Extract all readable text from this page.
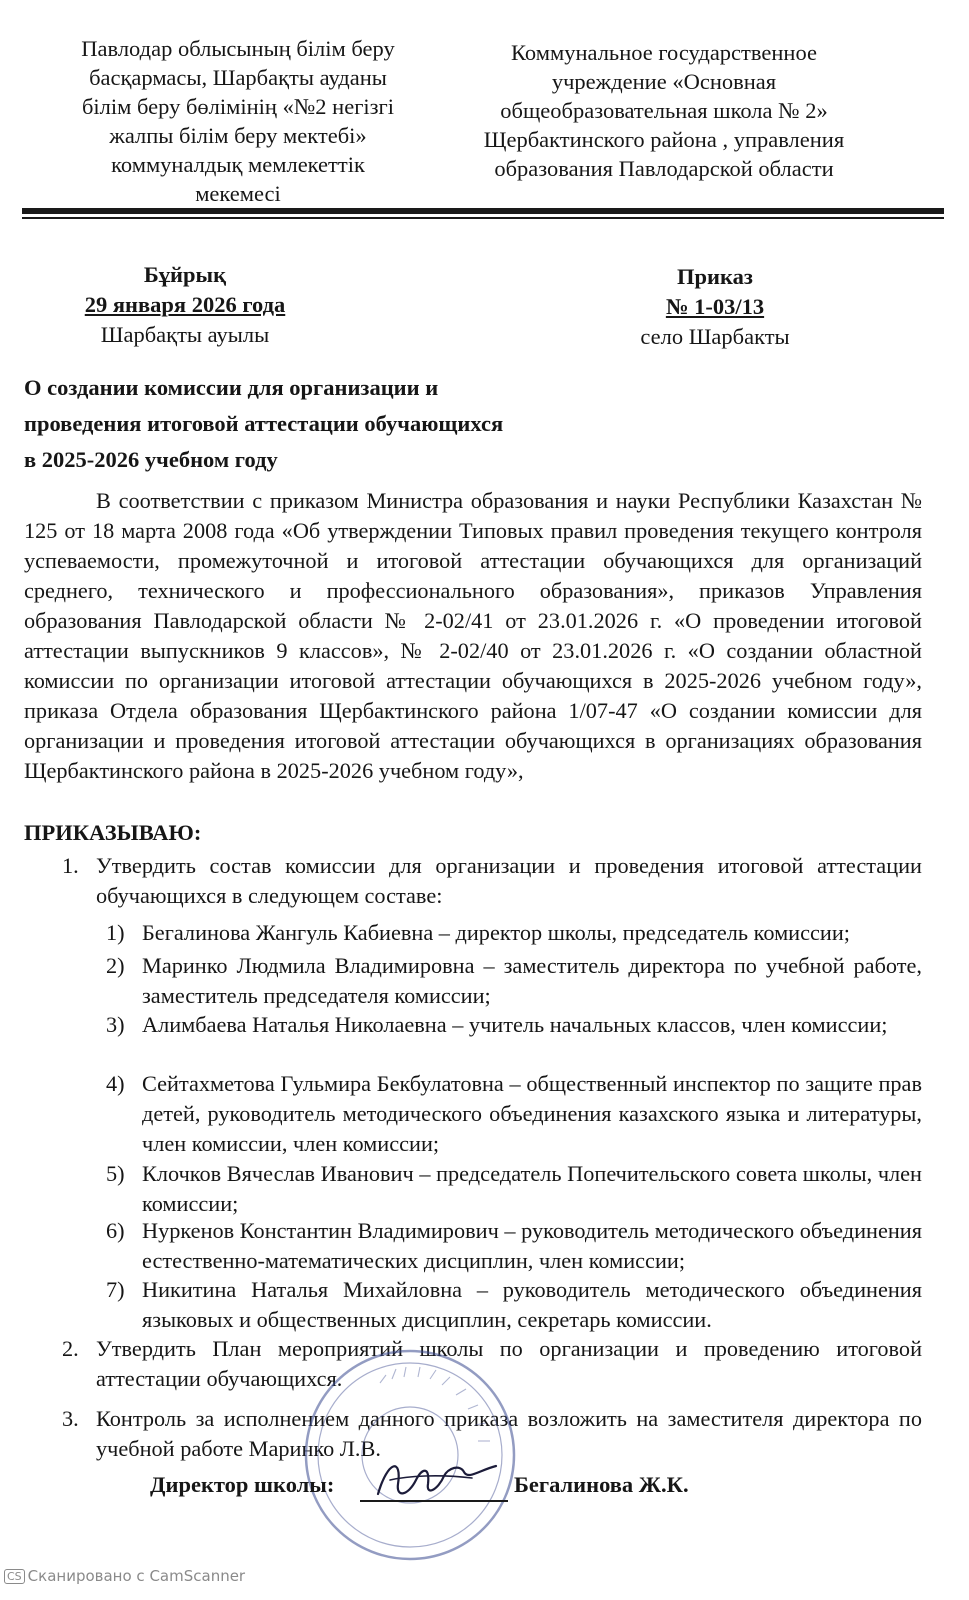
Павлодар облысының білім беру
басқармасы, Шарбақты ауданы
білім беру бөлімінің «№2 негізгі
жалпы білім беру мектебі»
коммуналдық мемлекеттік
мекемесі
Коммунальное государственное
учреждение «Основная
общеобразовательная школа № 2»
Щербактинского района , управления
образования Павлодарской области
Бұйрық
29 января 2026 года
Шарбақты ауылы
Приказ
№ 1-03/13
село Шарбакты
О создании комиссии для организации и
проведения итоговой аттестации обучающихся
в 2025-2026 учебном году

В соответствии с приказом Министра образования и науки Республики Казахстан № 125 от 18 марта 2008 года «Об утверждении Типовых правил проведения текущего контроля успеваемости, промежуточной и итоговой аттестации обучающихся для организаций среднего, технического и профессионального образования», приказов Управления образования Павлодарской области № 2-02/41 от 23.01.2026 г. «О проведении итоговой аттестации выпускников 9 классов», № 2-02/40 от 23.01.2026 г. «О создании областной комиссии по организации итоговой аттестации обучающихся в 2025-2026 учебном году», приказа Отдела образования Щербактинского района 1/07-47 «О создании комиссии для организации и проведения итоговой аттестации обучающихся в организациях образования Щербактинского района в 2025-2026 учебном году»,

ПРИКАЗЫВАЮ:
1. Утвердить состав комиссии для организации и проведения итоговой аттестации обучающихся в следующем составе:

1) Бегалинова Жангуль Кабиевна – директор школы, председатель комиссии;

2) Маринко Людмила Владимировна – заместитель директора по учебной работе, заместитель председателя комиссии;

3) Алимбаева Наталья Николаевна – учитель начальных классов, член комиссии;

4) Сейтахметова Гульмира Бекбулатовна – общественный инспектор по защите прав детей, руководитель методического объединения казахского языка и литературы, член комиссии, член комиссии;

5) Клочков Вячеслав Иванович – председатель Попечительского совета школы, член комиссии;

6) Нуркенов Константин Владимирович – руководитель методического объединения естественно-математических дисциплин, член комиссии;

7) Никитина Наталья Михайловна – руководитель методического объединения языковых и общественных дисциплин, секретарь комиссии.

2. Утвердить План мероприятий школы по организации и проведению итоговой аттестации обучающихся.

3. Контроль за исполнением данного приказа возложить на заместителя директора по учебной работе Маринко Л.В.

Директор школы:	Бегалинова Ж.К.
CS Сканировано с CamScanner
